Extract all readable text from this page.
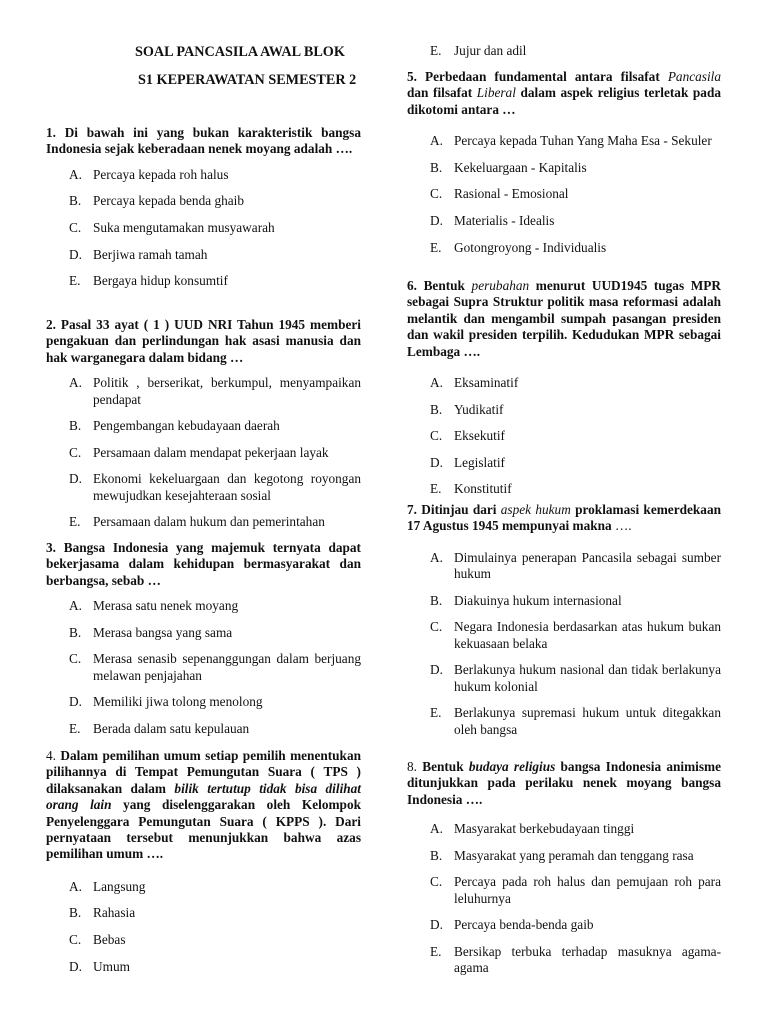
SOAL PANCASILA AWAL BLOK
S1 KEPERAWATAN SEMESTER 2

1. Di bawah ini yang bukan karakteristik bangsa Indonesia sejak keberadaan nenek moyang adalah ….

A. Percaya kepada roh halus
B. Percaya kepada benda ghaib
C. Suka mengutamakan musyawarah
D. Berjiwa ramah tamah
E. Bergaya hidup konsumtif

2. Pasal 33 ayat ( 1 ) UUD NRI Tahun 1945 memberi pengakuan dan perlindungan hak asasi manusia dan hak warganegara dalam bidang …

A. Politik , berserikat, berkumpul, menyampaikan pendapat
B. Pengembangan kebudayaan daerah
C. Persamaan dalam mendapat pekerjaan layak
D. Ekonomi kekeluargaan dan kegotong royongan mewujudkan kesejahteraan sosial
E. Persamaan dalam hukum dan pemerintahan

3. Bangsa Indonesia yang majemuk ternyata dapat bekerjasama dalam kehidupan bermasyarakat dan berbangsa, sebab …

A. Merasa satu nenek moyang
B. Merasa bangsa yang sama
C. Merasa senasib sepenanggungan dalam berjuang melawan penjajahan
D. Memiliki jiwa tolong menolong
E. Berada dalam satu kepulauan

4. Dalam pemilihan umum setiap pemilih menentukan pilihannya di Tempat Pemungutan Suara ( TPS ) dilaksanakan dalam bilik tertutup tidak bisa dilihat orang lain yang diselenggarakan oleh Kelompok Penyelenggara Pemungutan Suara ( KPPS ). Dari pernyataan tersebut menunjukkan bahwa azas pemilihan umum ….

A. Langsung
B. Rahasia
C. Bebas
D. Umum
E. Jujur dan adil

5. Perbedaan fundamental antara filsafat Pancasila dan filsafat Liberal dalam aspek religius terletak pada dikotomi antara …

A. Percaya kepada Tuhan Yang Maha Esa - Sekuler
B. Kekeluargaan - Kapitalis
C. Rasional - Emosional
D. Materialis - Idealis
E. Gotongroyong - Individualis

6. Bentuk perubahan menurut UUD1945 tugas MPR sebagai Supra Struktur politik masa reformasi adalah melantik dan mengambil sumpah pasangan presiden dan wakil presiden terpilih. Kedudukan MPR sebagai Lembaga ….

A. Eksaminatif
B. Yudikatif
C. Eksekutif
D. Legislatif
E. Konstitutif

7. Ditinjau dari aspek hukum proklamasi kemerdekaan 17 Agustus 1945 mempunyai makna ….

A. Dimulainya penerapan Pancasila sebagai sumber hukum
B. Diakuinya hukum internasional
C. Negara Indonesia berdasarkan atas hukum bukan kekuasaan belaka
D. Berlakunya hukum nasional dan tidak berlakunya hukum kolonial
E. Berlakunya supremasi hukum untuk ditegakkan oleh bangsa

8. Bentuk budaya religius bangsa Indonesia animisme ditunjukkan pada perilaku nenek moyang bangsa Indonesia ….

A. Masyarakat berkebudayaan tinggi
B. Masyarakat yang peramah dan tenggang rasa
C. Percaya pada roh halus dan pemujaan roh para leluhurnya
D. Percaya benda-benda gaib
E. Bersikap terbuka terhadap masuknya agama-agama
